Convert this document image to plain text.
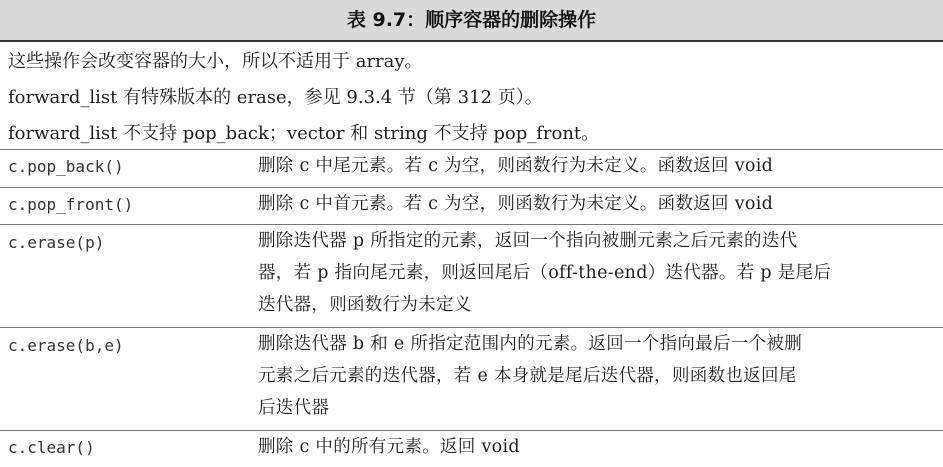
表 9.7：顺序容器的删除操作
这些操作会改变容器的大小，所以不适用于 array。
forward_list 有特殊版本的 erase，参见 9.3.4 节（第 312 页）。
forward_list 不支持 pop_back；vector 和 string 不支持 pop_front。
c.pop_back()	删除 c 中尾元素。若 c 为空，则函数行为未定义。函数返回 void
c.pop_front()	删除 c 中首元素。若 c 为空，则函数行为未定义。函数返回 void
c.erase(p)	删除迭代器 p 所指定的元素，返回一个指向被删元素之后元素的迭代
器，若 p 指向尾元素，则返回尾后（off-the-end）迭代器。若 p 是尾后
迭代器，则函数行为未定义
c.erase(b,e)	删除迭代器 b 和 e 所指定范围内的元素。返回一个指向最后一个被删
元素之后元素的迭代器，若 e 本身就是尾后迭代器，则函数也返回尾
后迭代器
c.clear()	删除 c 中的所有元素。返回 void
